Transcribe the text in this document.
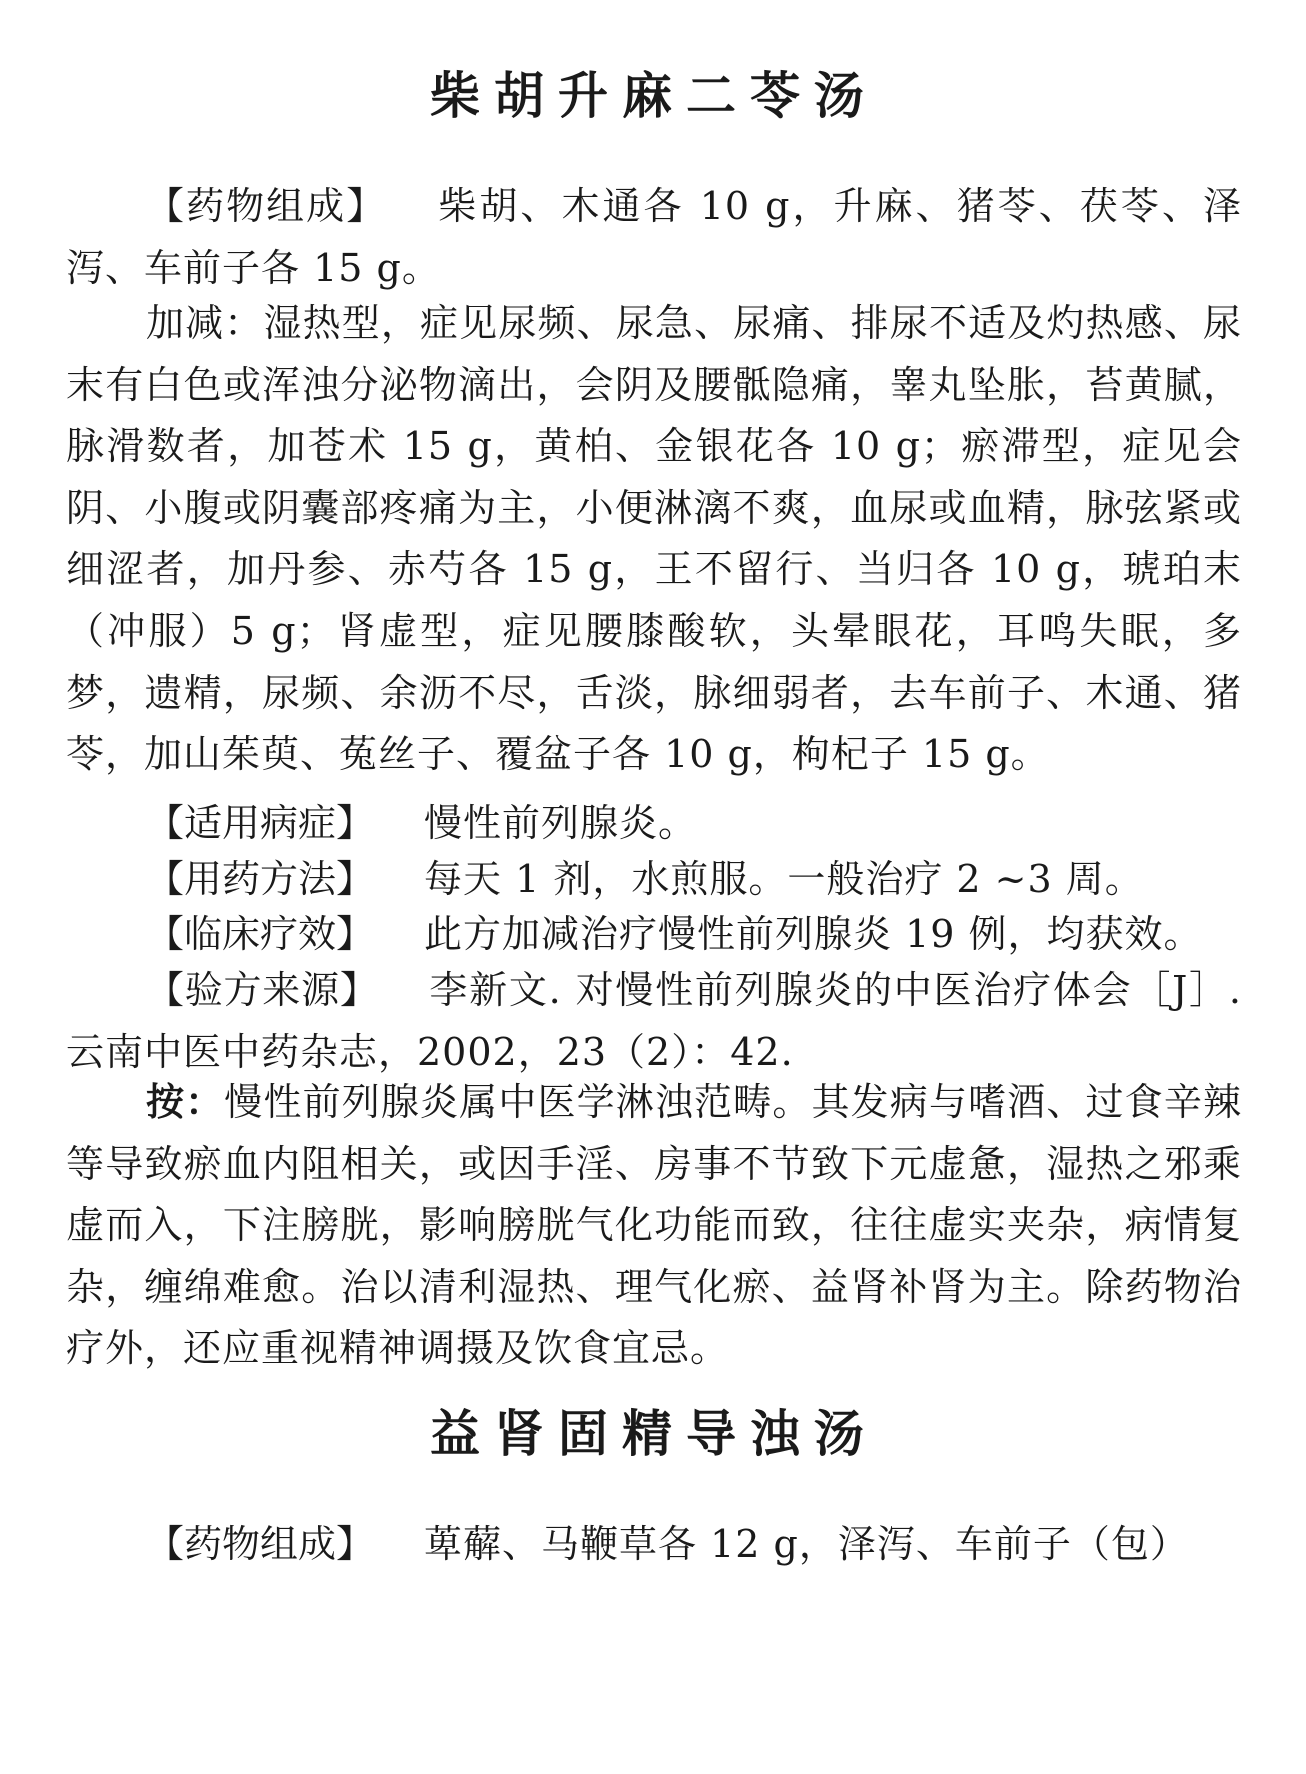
柴胡升麻二苓汤

【药物组成】 柴胡、木通各 10 g，升麻、猪苓、茯苓、泽泻、车前子各 15 g。

加减：湿热型，症见尿频、尿急、尿痛、排尿不适及灼热感、尿末有白色或浑浊分泌物滴出，会阴及腰骶隐痛，睾丸坠胀，苔黄腻，脉滑数者，加苍术 15 g，黄柏、金银花各 10 g；瘀滞型，症见会阴、小腹或阴囊部疼痛为主，小便淋漓不爽，血尿或血精，脉弦紧或细涩者，加丹参、赤芍各 15 g，王不留行、当归各 10 g，琥珀末（冲服）5 g；肾虚型，症见腰膝酸软，头晕眼花，耳鸣失眠，多梦，遗精，尿频、余沥不尽，舌淡，脉细弱者，去车前子、木通、猪苓，加山茱萸、菟丝子、覆盆子各 10 g，枸杞子 15 g。

【适用病症】 慢性前列腺炎。

【用药方法】 每天 1 剂，水煎服。一般治疗 2 ~3 周。

【临床疗效】 此方加减治疗慢性前列腺炎 19 例，均获效。

【验方来源】 李新文. 对慢性前列腺炎的中医治疗体会［J］. 云南中医中药杂志，2002，23（2）：42.

按：慢性前列腺炎属中医学淋浊范畴。其发病与嗜酒、过食辛辣等导致瘀血内阻相关，或因手淫、房事不节致下元虚惫，湿热之邪乘虚而入，下注膀胱，影响膀胱气化功能而致，往往虚实夹杂，病情复杂，缠绵难愈。治以清利湿热、理气化瘀、益肾补肾为主。除药物治疗外，还应重视精神调摄及饮食宜忌。

益肾固精导浊汤

【药物组成】 萆薢、马鞭草各 12 g，泽泻、车前子（包）
